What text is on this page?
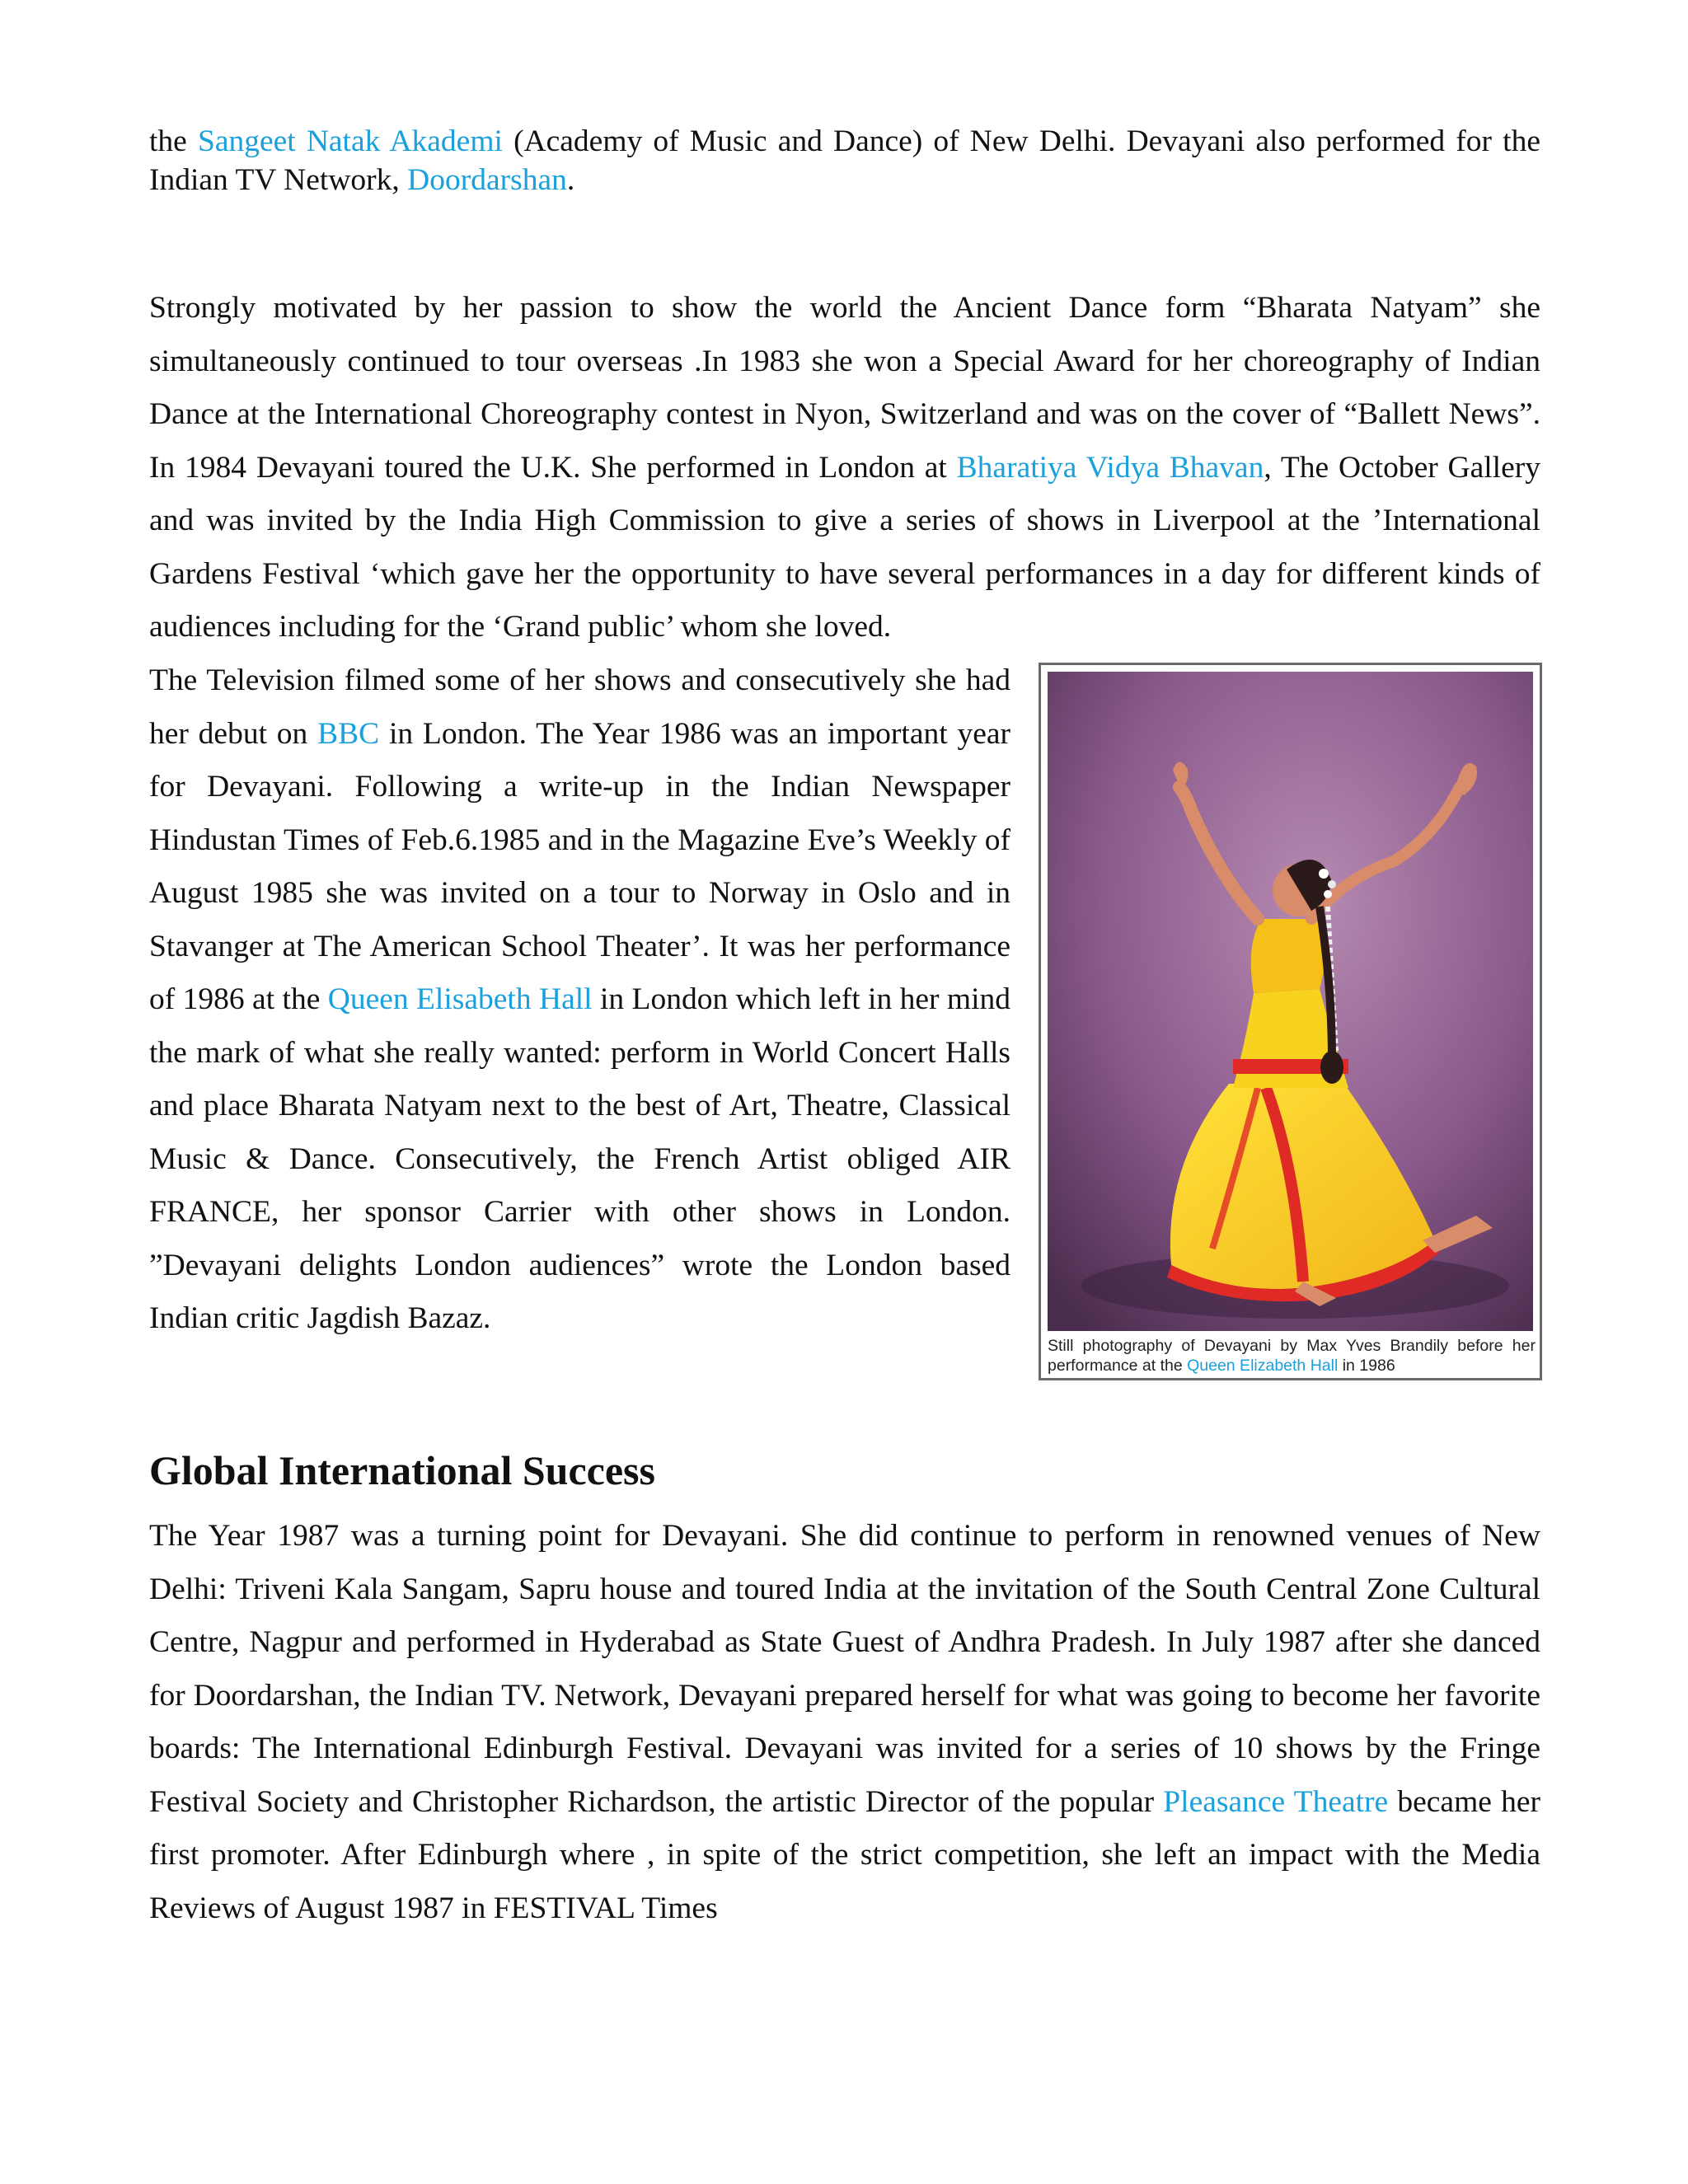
the Sangeet Natak Akademi (Academy of Music and Dance) of New Delhi. Devayani also performed for the Indian TV Network, Doordarshan.

Strongly motivated by her passion to show the world the Ancient Dance form “Bharata Natyam” she simultaneously continued to tour overseas .In 1983 she won a Special Award for her choreography of Indian Dance at the International Choreography contest in Nyon, Switzerland and was on the cover of “Ballett News”. In 1984 Devayani toured the U.K. She performed in London at Bharatiya Vidya Bhavan, The October Gallery and was invited by the India High Commission to give a series of shows in Liverpool at the ’International Gardens Festival ‘which gave her the opportunity to have several performances in a day for different kinds of audiences including for the ‘Grand public’ whom she loved.

The Television filmed some of her shows and consecutively she had her debut on BBC in London. The Year 1986 was an important year for Devayani. Following a write-up in the Indian Newspaper Hindustan Times of Feb.6.1985 and in the Magazine Eve’s Weekly of August 1985 she was invited on a tour to Norway in Oslo and in Stavanger at The American School Theater’. It was her performance of 1986 at the Queen Elisabeth Hall in London which left in her mind the mark of what she really wanted: perform in World Concert Halls and place Bharata Natyam next to the best of Art, Theatre, Classical Music & Dance. Consecutively, the French Artist obliged AIR FRANCE, her sponsor Carrier with other shows in London. ”Devayani delights London audiences” wrote the London based Indian critic Jagdish Bazaz.

Still photography of Devayani by Max Yves Brandily before her performance at the Queen Elizabeth Hall in 1986
Global International Success

The Year 1987 was a turning point for Devayani. She did continue to perform in renowned venues of New Delhi: Triveni Kala Sangam, Sapru house and toured India at the invitation of the South Central Zone Cultural Centre, Nagpur and performed in Hyderabad as State Guest of Andhra Pradesh. In July 1987 after she danced for Doordarshan, the Indian TV. Network, Devayani prepared herself for what was going to become her favorite boards: The International Edinburgh Festival. Devayani was invited for a series of 10 shows by the Fringe Festival Society and Christopher Richardson, the artistic Director of the popular Pleasance Theatre became her first promoter. After Edinburgh where , in spite of the strict competition, she left an impact with the Media Reviews of August 1987 in FESTIVAL Times
